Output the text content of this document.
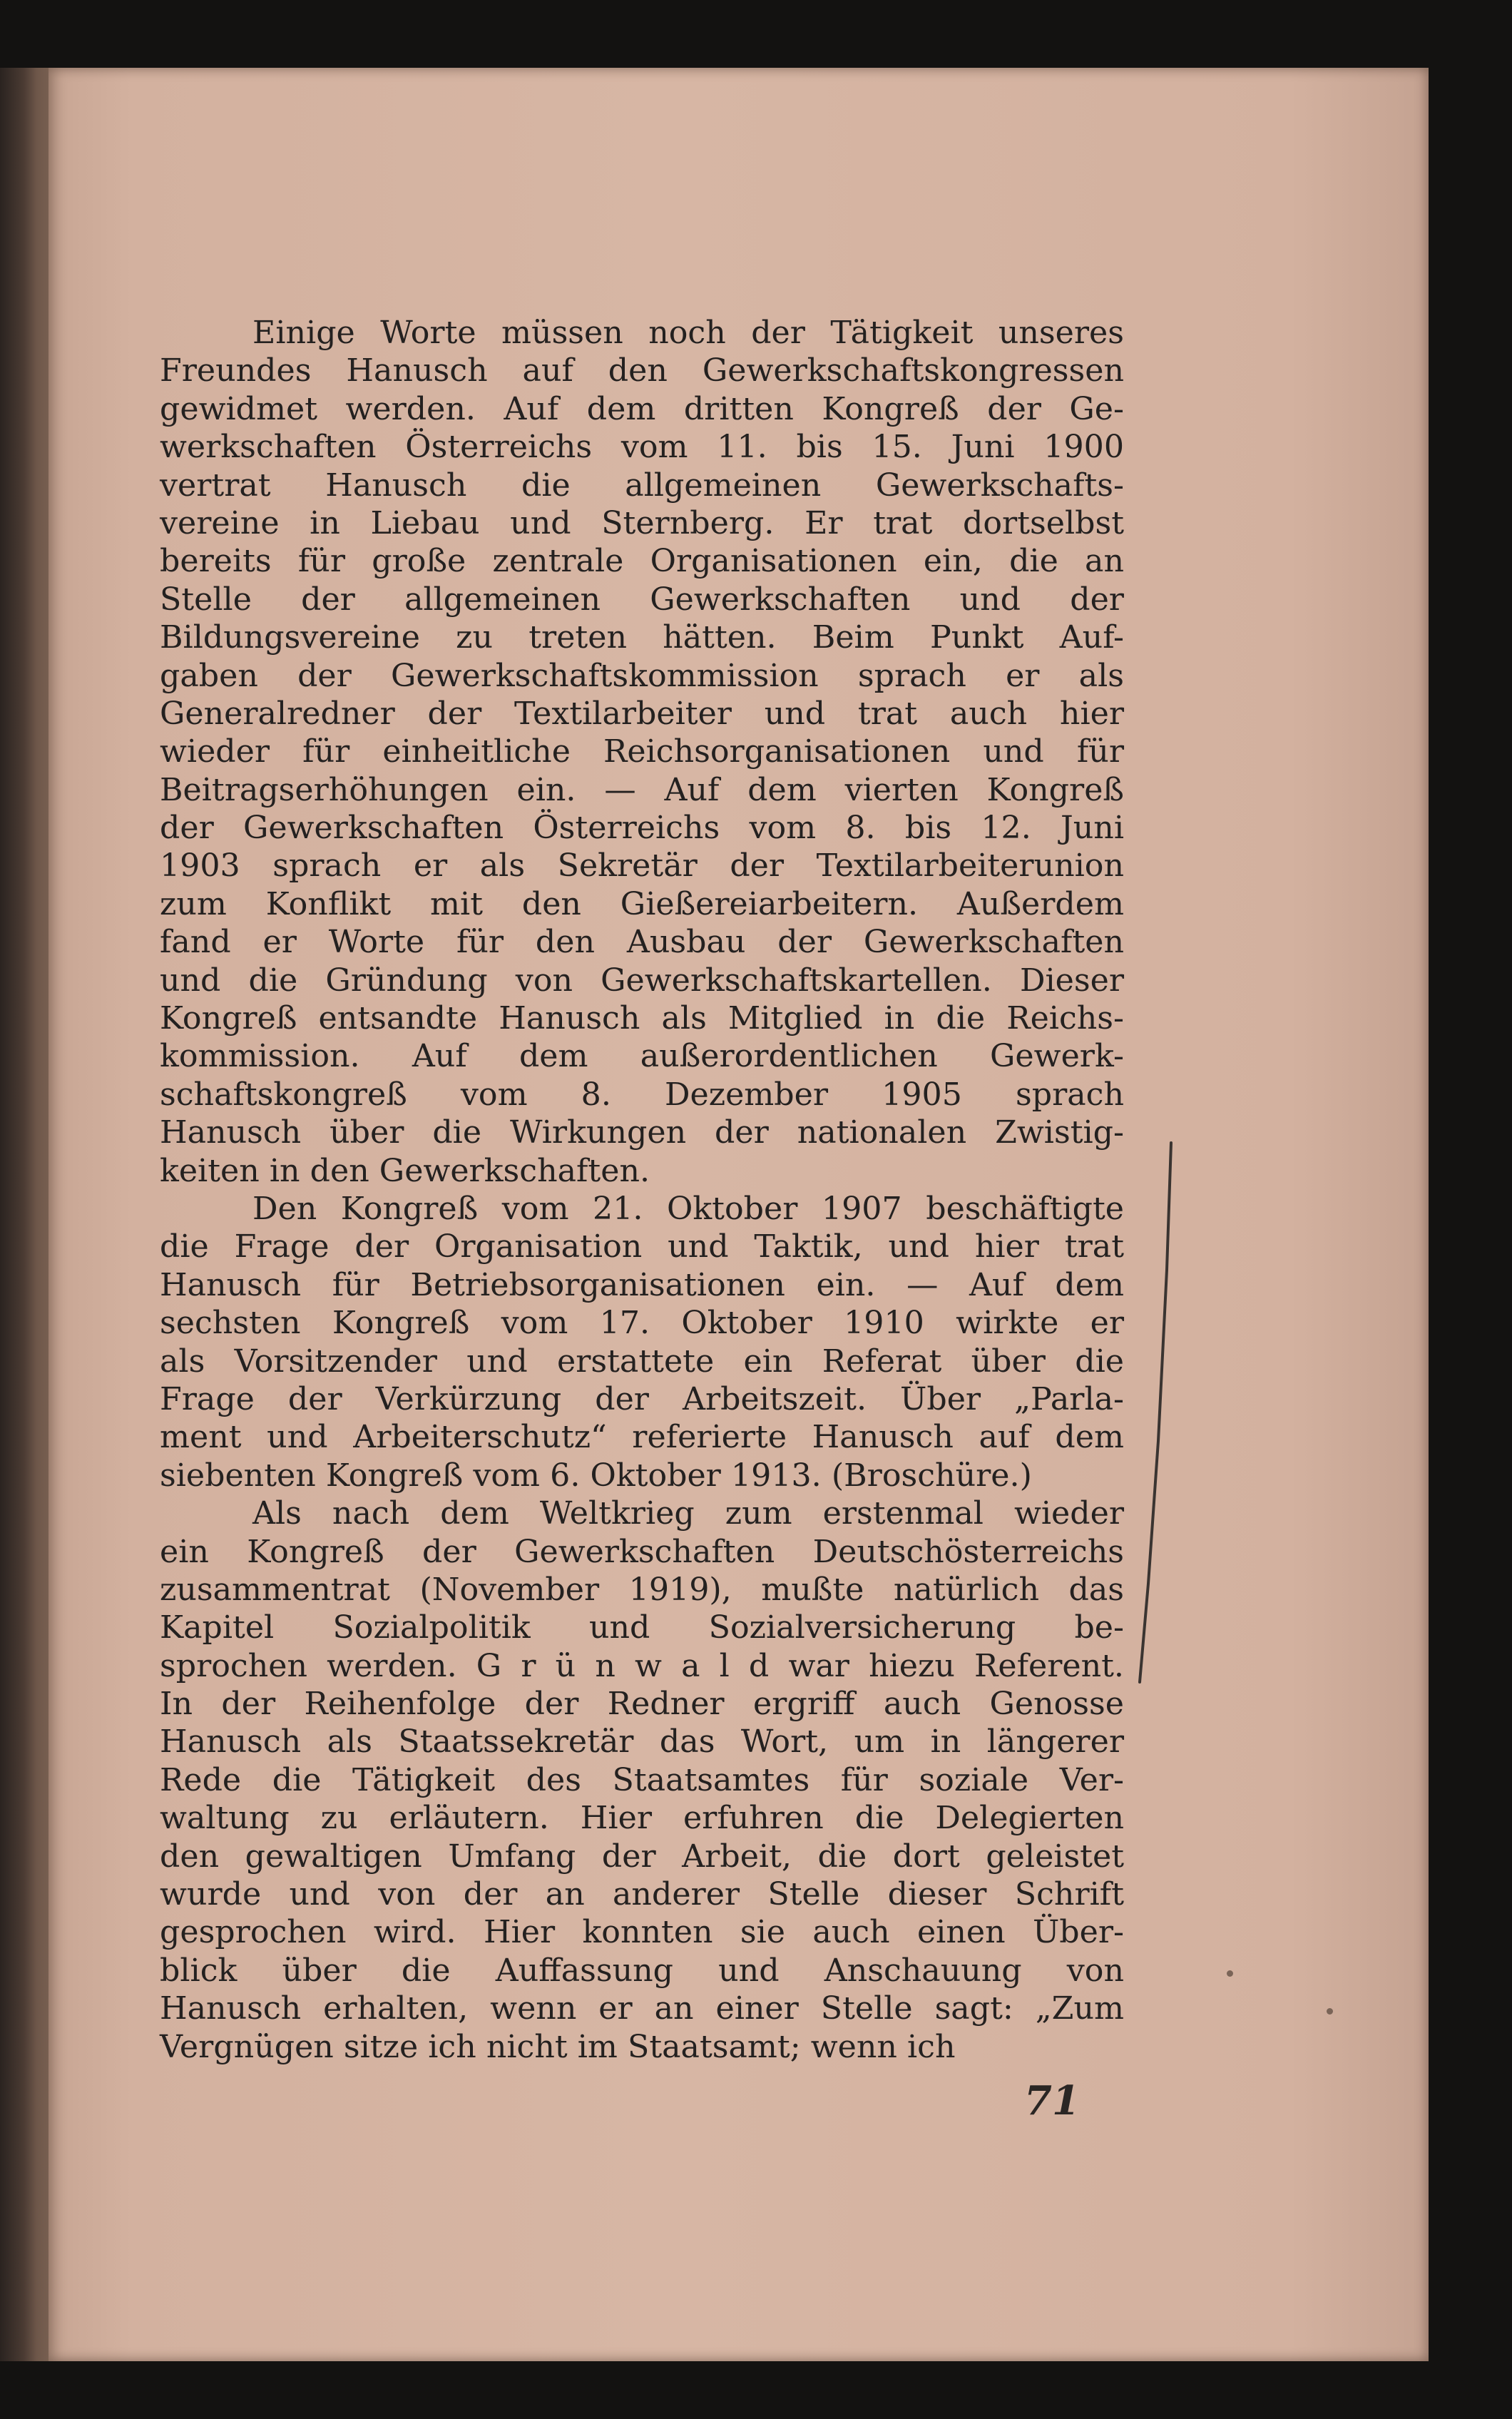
Einige Worte müssen noch der Tätigkeit unseres
Freundes Hanusch auf den Gewerkschaftskongressen
gewidmet werden. Auf dem dritten Kongreß der Ge-
werkschaften Österreichs vom 11. bis 15. Juni 1900
vertrat Hanusch die allgemeinen Gewerkschafts-
vereine in Liebau und Sternberg. Er trat dortselbst
bereits für große zentrale Organisationen ein, die an
Stelle der allgemeinen Gewerkschaften und der
Bildungsvereine zu treten hätten. Beim Punkt Auf-
gaben der Gewerkschaftskommission sprach er als
Generalredner der Textilarbeiter und trat auch hier
wieder für einheitliche Reichsorganisationen und für
Beitragserhöhungen ein. — Auf dem vierten Kongreß
der Gewerkschaften Österreichs vom 8. bis 12. Juni
1903 sprach er als Sekretär der Textilarbeiterunion
zum Konflikt mit den Gießereiarbeitern. Außerdem
fand er Worte für den Ausbau der Gewerkschaften
und die Gründung von Gewerkschaftskartellen. Dieser
Kongreß entsandte Hanusch als Mitglied in die Reichs-
kommission. Auf dem außerordentlichen Gewerk-
schaftskongreß vom 8. Dezember 1905 sprach
Hanusch über die Wirkungen der nationalen Zwistig-
keiten in den Gewerkschaften.
Den Kongreß vom 21. Oktober 1907 beschäftigte
die Frage der Organisation und Taktik, und hier trat
Hanusch für Betriebsorganisationen ein. — Auf dem
sechsten Kongreß vom 17. Oktober 1910 wirkte er
als Vorsitzender und erstattete ein Referat über die
Frage der Verkürzung der Arbeitszeit. Über „Parla-
ment und Arbeiterschutz“ referierte Hanusch auf dem
siebenten Kongreß vom 6. Oktober 1913. (Broschüre.)
Als nach dem Weltkrieg zum erstenmal wieder
ein Kongreß der Gewerkschaften Deutschösterreichs
zusammentrat (November 1919), mußte natürlich das
Kapitel Sozialpolitik und Sozialversicherung be-
sprochen werden. G r ü n w a l d war hiezu Referent.
In der Reihenfolge der Redner ergriff auch Genosse
Hanusch als Staatssekretär das Wort, um in längerer
Rede die Tätigkeit des Staatsamtes für soziale Ver-
waltung zu erläutern. Hier erfuhren die Delegierten
den gewaltigen Umfang der Arbeit, die dort geleistet
wurde und von der an anderer Stelle dieser Schrift
gesprochen wird. Hier konnten sie auch einen Über-
blick über die Auffassung und Anschauung von
Hanusch erhalten, wenn er an einer Stelle sagt: „Zum
Vergnügen sitze ich nicht im Staatsamt; wenn ich
71
